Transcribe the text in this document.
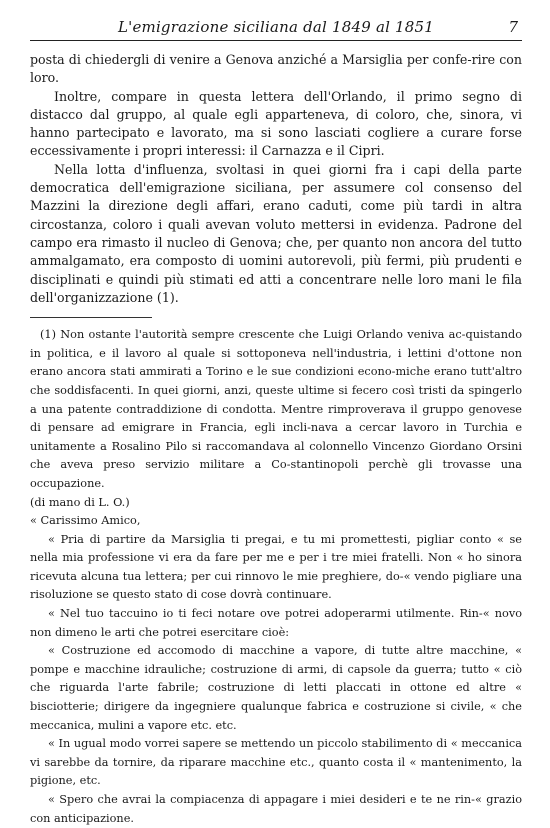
L'emigrazione siciliana dal 1849 al 1851	7

posta di chiedergli di venire a Genova anziché a Marsiglia per confe-rire con loro.

Inoltre, compare in questa lettera dell'Orlando, il primo segno di distacco dal gruppo, al quale egli apparteneva, di coloro, che, sinora, vi hanno partecipato e lavorato, ma si sono lasciati cogliere a curare forse eccessivamente i propri interessi: il Carnazza e il Cipri.

Nella lotta d'influenza, svoltasi in quei giorni fra i capi della parte democratica dell'emigrazione siciliana, per assumere col consenso del Mazzini la direzione degli affari, erano caduti, come più tardi in altra circostanza, coloro i quali avevan voluto mettersi in evidenza. Padrone del campo era rimasto il nucleo di Genova; che, per quanto non ancora del tutto ammalgamato, era composto di uomini autorevoli, più fermi, più prudenti e disciplinati e quindi più stimati ed atti a concentrare nelle loro mani le fila dell'organizzazione (1).

(1) Non ostante l'autorità sempre crescente che Luigi Orlando veniva ac-quistando in politica, e il lavoro al quale si sottoponeva nell'industria, i lettini d'ottone non erano ancora stati ammirati a Torino e le sue condizioni econo-miche erano tutt'altro che soddisfacenti. In quei giorni, anzi, queste ultime si fecero così tristi da spingerlo a una patente contraddizione di condotta. Mentre rimproverava il gruppo genovese di pensare ad emigrare in Francia, egli incli-nava a cercar lavoro in Turchia e unitamente a Rosalino Pilo si raccomandava al colonnello Vincenzo Giordano Orsini che aveva preso servizio militare a Co-stantinopoli perchè gli trovasse una occupazione.

(di mano di L. O.)

« Carissimo Amico,

« Pria di partire da Marsiglia ti pregai, e tu mi promettesti, pigliar conto « se nella mia professione vi era da fare per me e per i tre miei fratelli. Non « ho sinora ricevuta alcuna tua lettera; per cui rinnovo le mie preghiere, do-« vendo pigliare una risoluzione se questo stato di cose dovrà continuare.

« Nel tuo taccuino io ti feci notare ove potrei adoperarmi utilmente. Rin-« novo non dimeno le arti che potrei esercitare cioè:

« Costruzione ed accomodo di macchine a vapore, di tutte altre macchine, « pompe e macchine idrauliche; costruzione di armi, di capsole da guerra; tutto « ciò che riguarda l'arte fabrile; costruzione di letti placcati in ottone ed altre « bisciotterie; dirigere da ingegniere qualunque fabrica e costruzione si civile, « che meccanica, mulini a vapore etc. etc.

« In ugual modo vorrei sapere se mettendo un piccolo stabilimento di « meccanica vi sarebbe da tornire, da riparare macchine etc., quanto costa il « mantenimento, la pigione, etc.

« Spero che avrai la compiacenza di appagare i miei desideri e te ne rin-« grazio con anticipazione.
